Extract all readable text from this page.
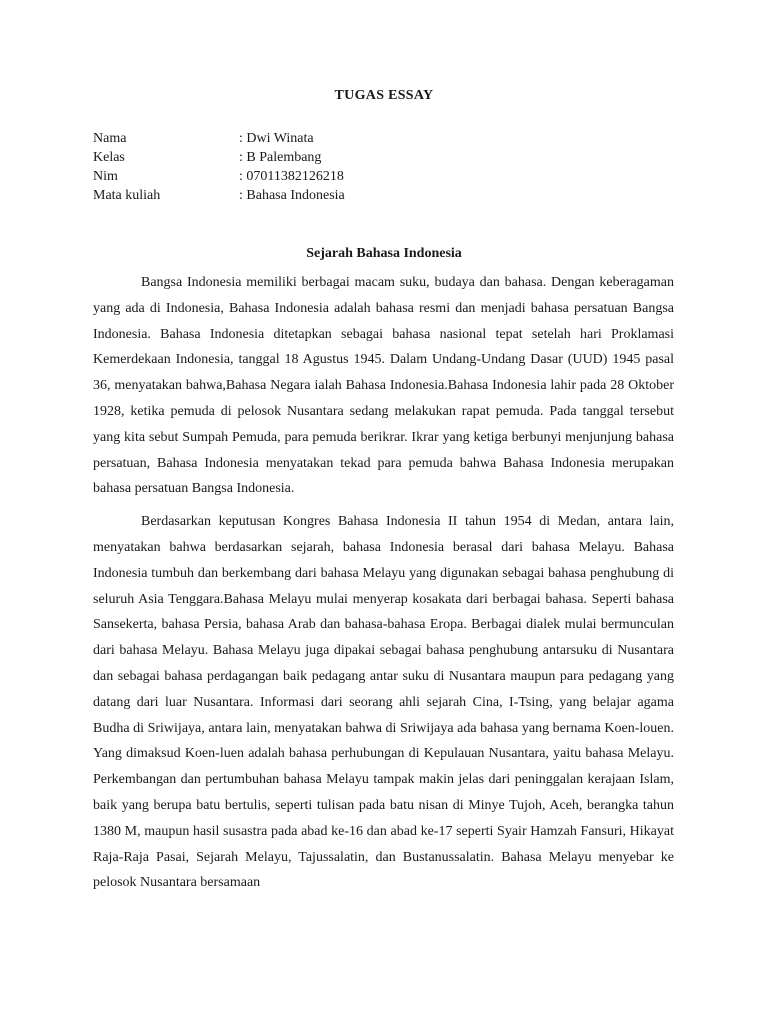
TUGAS ESSAY
Nama	: Dwi Winata
Kelas	: B Palembang
Nim	: 07011382126218
Mata kuliah	: Bahasa Indonesia
Sejarah Bahasa Indonesia

Bangsa Indonesia memiliki berbagai macam suku, budaya dan bahasa. Dengan keberagaman yang ada di Indonesia, Bahasa Indonesia adalah bahasa resmi dan menjadi bahasa persatuan Bangsa Indonesia. Bahasa Indonesia ditetapkan sebagai bahasa nasional tepat setelah hari Proklamasi Kemerdekaan Indonesia, tanggal 18 Agustus 1945. Dalam Undang-Undang Dasar (UUD) 1945 pasal 36, menyatakan bahwa,Bahasa Negara ialah Bahasa Indonesia.Bahasa Indonesia lahir pada 28 Oktober 1928, ketika pemuda di pelosok Nusantara sedang melakukan rapat pemuda. Pada tanggal tersebut yang kita sebut Sumpah Pemuda, para pemuda berikrar. Ikrar yang ketiga berbunyi menjunjung bahasa persatuan, Bahasa Indonesia menyatakan tekad para pemuda bahwa Bahasa Indonesia merupakan bahasa persatuan Bangsa Indonesia.

Berdasarkan keputusan Kongres Bahasa Indonesia II tahun 1954 di Medan, antara lain, menyatakan bahwa berdasarkan sejarah, bahasa Indonesia berasal dari bahasa Melayu. Bahasa Indonesia tumbuh dan berkembang dari bahasa Melayu yang digunakan sebagai bahasa penghubung di seluruh Asia Tenggara.Bahasa Melayu mulai menyerap kosakata dari berbagai bahasa. Seperti bahasa Sansekerta, bahasa Persia, bahasa Arab dan bahasa-bahasa Eropa. Berbagai dialek mulai bermunculan dari bahasa Melayu. Bahasa Melayu juga dipakai sebagai bahasa penghubung antarsuku di Nusantara dan sebagai bahasa perdagangan baik pedagang antar suku di Nusantara maupun para pedagang yang datang dari luar Nusantara. Informasi dari seorang ahli sejarah Cina, I-Tsing, yang belajar agama Budha di Sriwijaya, antara lain, menyatakan bahwa di Sriwijaya ada bahasa yang bernama Koen-louen. Yang dimaksud Koen-luen adalah bahasa perhubungan di Kepulauan Nusantara, yaitu bahasa Melayu. Perkembangan dan pertumbuhan bahasa Melayu tampak makin jelas dari peninggalan kerajaan Islam, baik yang berupa batu bertulis, seperti tulisan pada batu nisan di Minye Tujoh, Aceh, berangka tahun 1380 M, maupun hasil susastra pada abad ke-16 dan abad ke-17 seperti Syair Hamzah Fansuri, Hikayat Raja-Raja Pasai, Sejarah Melayu, Tajussalatin, dan Bustanussalatin. Bahasa Melayu menyebar ke pelosok Nusantara bersamaan
